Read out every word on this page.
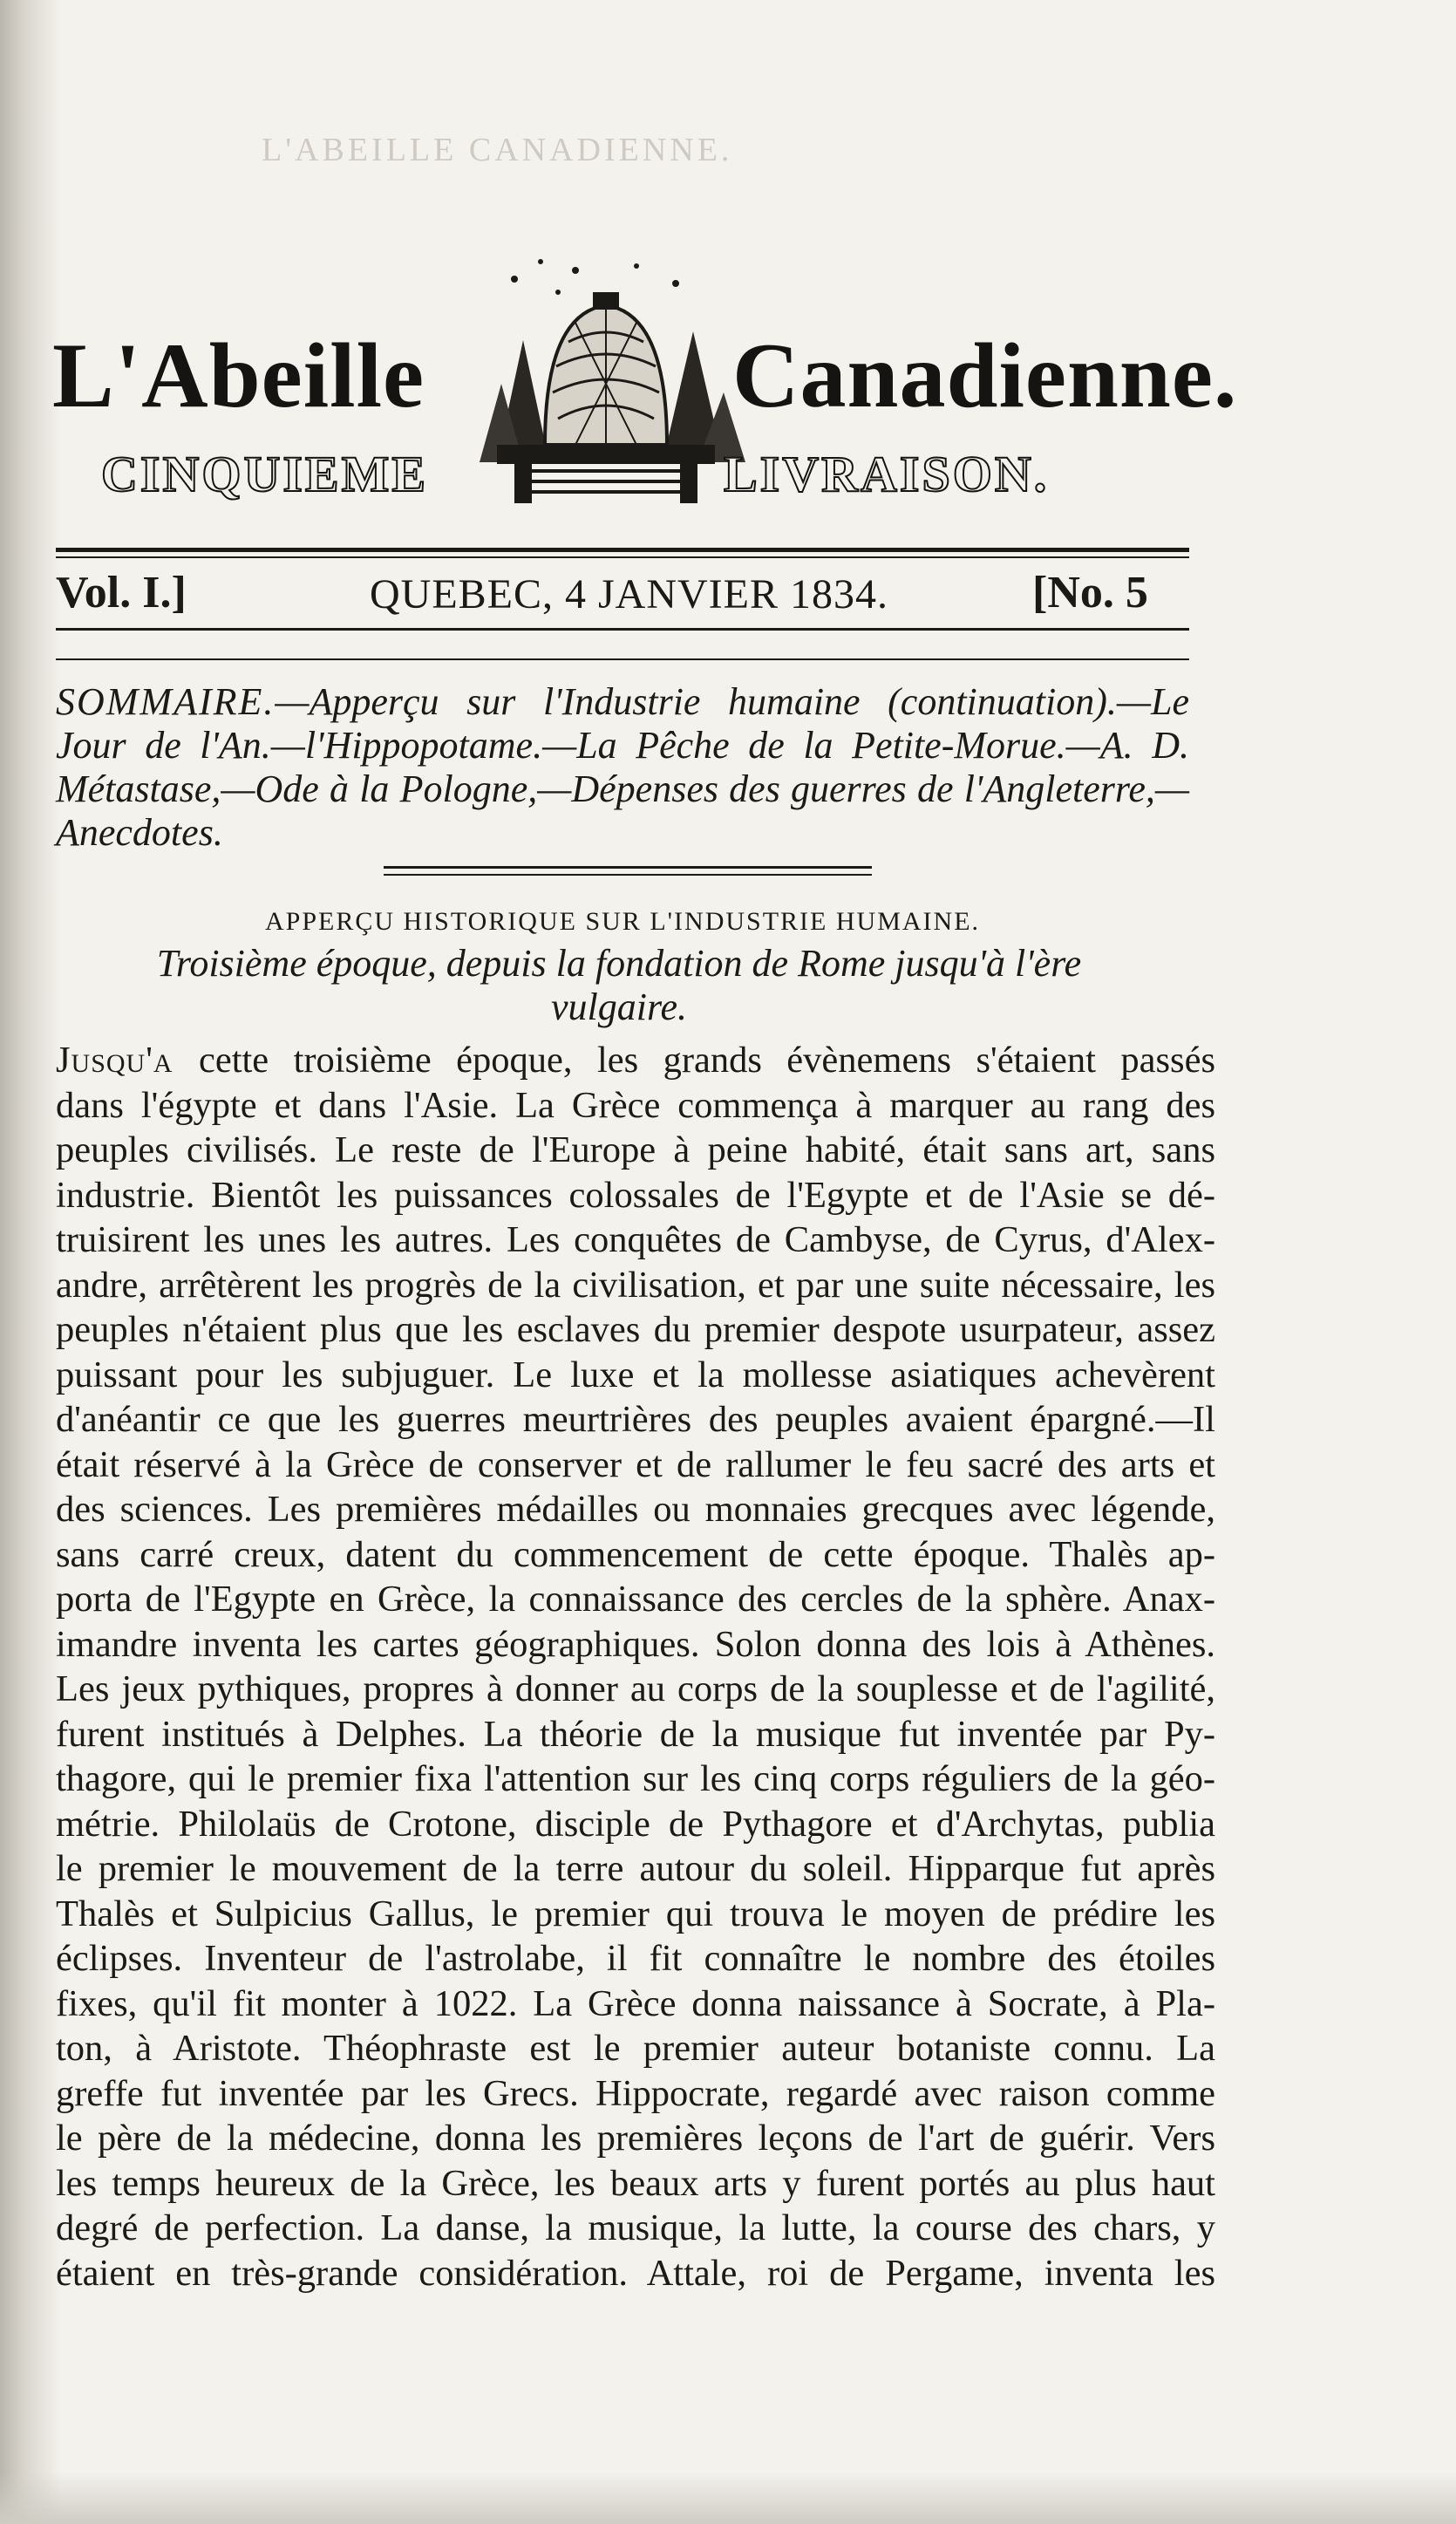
L'ABEILLE CANADIENNE.
L'Abeille	Canadienne.
CINQUIEME	LIVRAISON.
Vol. I.]	QUEBEC, 4 JANVIER 1834.	[No. 5
SOMMAIRE.—Apperçu sur l'Industrie humaine (continuation).—Le Jour de l'An.—l'Hippopotame.—La Pêche de la Petite-Morue.—A. D. Métastase,—Ode à la Pologne,—Dépenses des guerres de l'Angleterre,—Anecdotes.
APPERÇU HISTORIQUE SUR L'INDUSTRIE HUMAINE.
Troisième époque, depuis la fondation de Rome jusqu'à l'ère vulgaire.
Jusqu'a cette troisième époque, les grands évènemens s'étaient passés
dans l'égypte et dans l'Asie. La Grèce commença à marquer au rang des
peuples civilisés. Le reste de l'Europe à peine habité, était sans art, sans
industrie. Bientôt les puissances colossales de l'Egypte et de l'Asie se dé-
truisirent les unes les autres. Les conquêtes de Cambyse, de Cyrus, d'Alex-
andre, arrêtèrent les progrès de la civilisation, et par une suite nécessaire, les
peuples n'étaient plus que les esclaves du premier despote usurpateur, assez
puissant pour les subjuguer. Le luxe et la mollesse asiatiques achevèrent
d'anéantir ce que les guerres meurtrières des peuples avaient épargné.—Il
était réservé à la Grèce de conserver et de rallumer le feu sacré des arts et
des sciences. Les premières médailles ou monnaies grecques avec légende,
sans carré creux, datent du commencement de cette époque. Thalès ap-
porta de l'Egypte en Grèce, la connaissance des cercles de la sphère. Anax-
imandre inventa les cartes géographiques. Solon donna des lois à Athènes.
Les jeux pythiques, propres à donner au corps de la souplesse et de l'agilité,
furent institués à Delphes. La théorie de la musique fut inventée par Py-
thagore, qui le premier fixa l'attention sur les cinq corps réguliers de la géo-
métrie. Philolaüs de Crotone, disciple de Pythagore et d'Archytas, publia
le premier le mouvement de la terre autour du soleil. Hipparque fut après
Thalès et Sulpicius Gallus, le premier qui trouva le moyen de prédire les
éclipses. Inventeur de l'astrolabe, il fit connaître le nombre des étoiles
fixes, qu'il fit monter à 1022. La Grèce donna naissance à Socrate, à Pla-
ton, à Aristote. Théophraste est le premier auteur botaniste connu. La
greffe fut inventée par les Grecs. Hippocrate, regardé avec raison comme
le père de la médecine, donna les premières leçons de l'art de guérir. Vers
les temps heureux de la Grèce, les beaux arts y furent portés au plus haut
degré de perfection. La danse, la musique, la lutte, la course des chars, y
étaient en très-grande considération. Attale, roi de Pergame, inventa les
